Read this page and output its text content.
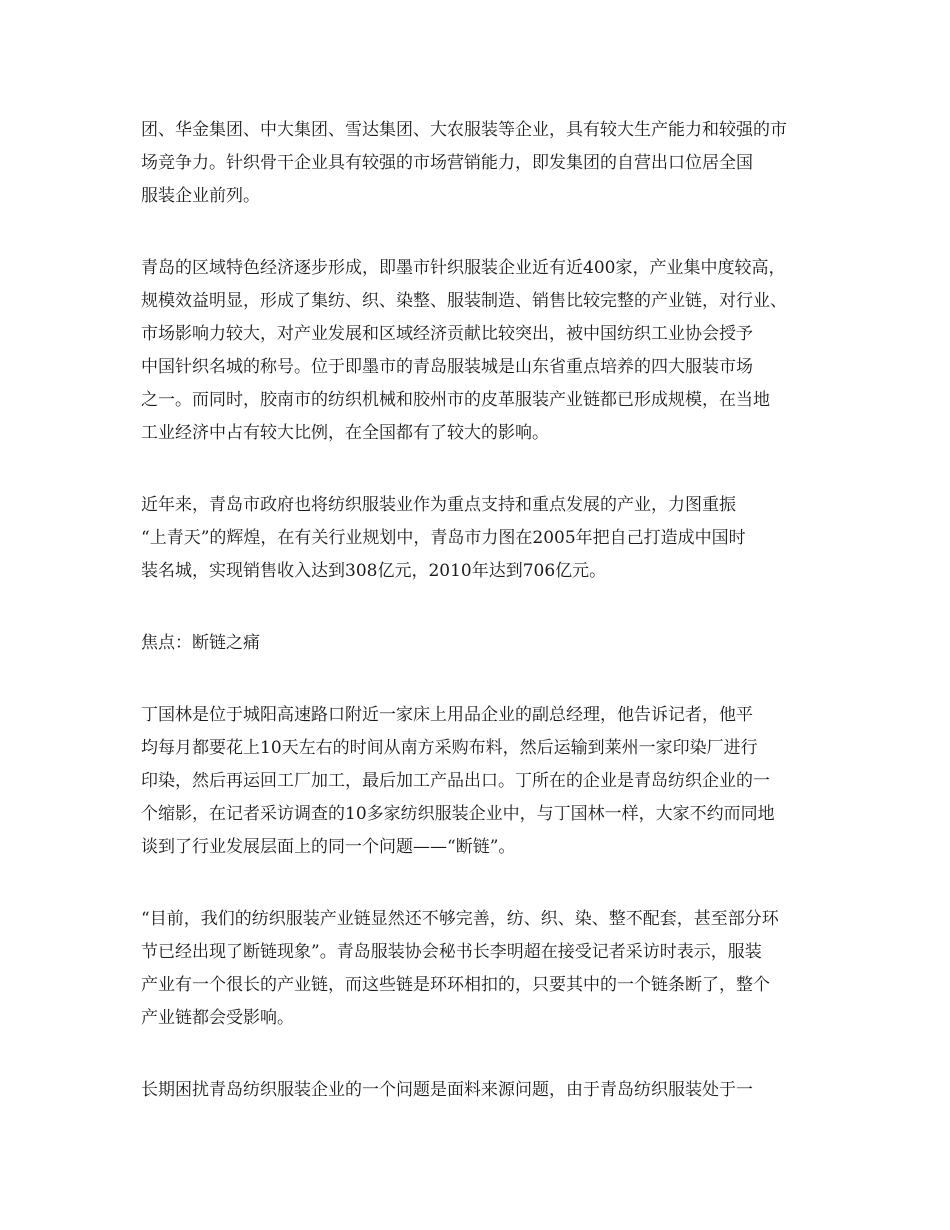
团、华金集团、中大集团、雪达集团、大农服装等企业，具有较大生产能力和较强的市
场竞争力。针织骨干企业具有较强的市场营销能力，即发集团的自营出口位居全国
服装企业前列。

青岛的区域特色经济逐步形成，即墨市针织服装企业近有近400家，产业集中度较高，
规模效益明显，形成了集纺、织、染整、服装制造、销售比较完整的产业链，对行业、
市场影响力较大，对产业发展和区域经济贡献比较突出，被中国纺织工业协会授予
中国针织名城的称号。位于即墨市的青岛服装城是山东省重点培养的四大服装市场
之一。而同时，胶南市的纺织机械和胶州市的皮革服装产业链都已形成规模，在当地
工业经济中占有较大比例，在全国都有了较大的影响。

近年来，青岛市政府也将纺织服装业作为重点支持和重点发展的产业，力图重振
“上青天”的辉煌，在有关行业规划中，青岛市力图在2005年把自己打造成中国时
装名城，实现销售收入达到308亿元，2010年达到706亿元。

焦点：断链之痛

丁国林是位于城阳高速路口附近一家床上用品企业的副总经理，他告诉记者，他平
均每月都要花上10天左右的时间从南方采购布料，然后运输到莱州一家印染厂进行
印染，然后再运回工厂加工，最后加工产品出口。丁所在的企业是青岛纺织企业的一
个缩影，在记者采访调查的10多家纺织服装企业中，与丁国林一样，大家不约而同地
谈到了行业发展层面上的同一个问题——“断链”。

“目前，我们的纺织服装产业链显然还不够完善，纺、织、染、整不配套，甚至部分环
节已经出现了断链现象”。青岛服装协会秘书长李明超在接受记者采访时表示，服装
产业有一个很长的产业链，而这些链是环环相扣的，只要其中的一个链条断了，整个
产业链都会受影响。

长期困扰青岛纺织服装企业的一个问题是面料来源问题，由于青岛纺织服装处于一
